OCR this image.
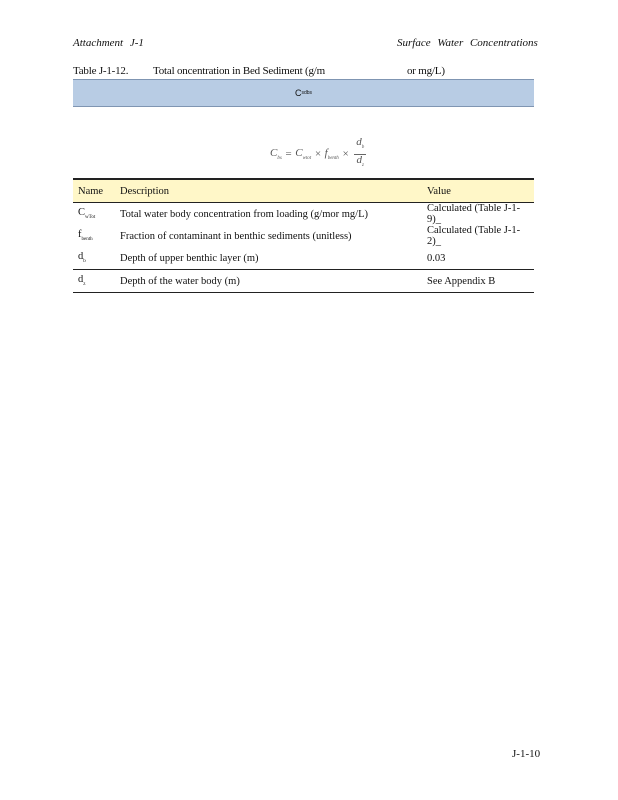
Attachment J-1	Surface Water Concentrations
Table J-1-12. Total oncentration in Bed Sediment (g/m	or mg/L)
C sdbs
$C_{bs} = C_{wtot} \times f_{benth} \times \frac{d_b}{d_z}$
Name	Description	Value
$C_{wTot}$	Total water body concentration from loading (g/mor mg/L)	Calculated (Table J-1-9)_
$f_{benth}$	Fraction of contaminant in benthic sediments (unitless)	Calculated (Table J-1-2)_
$d_b$	Depth of upper benthic layer (m)	0.03
$d_z$	Depth of the water body (m)	See Appendix B
J-1-10
